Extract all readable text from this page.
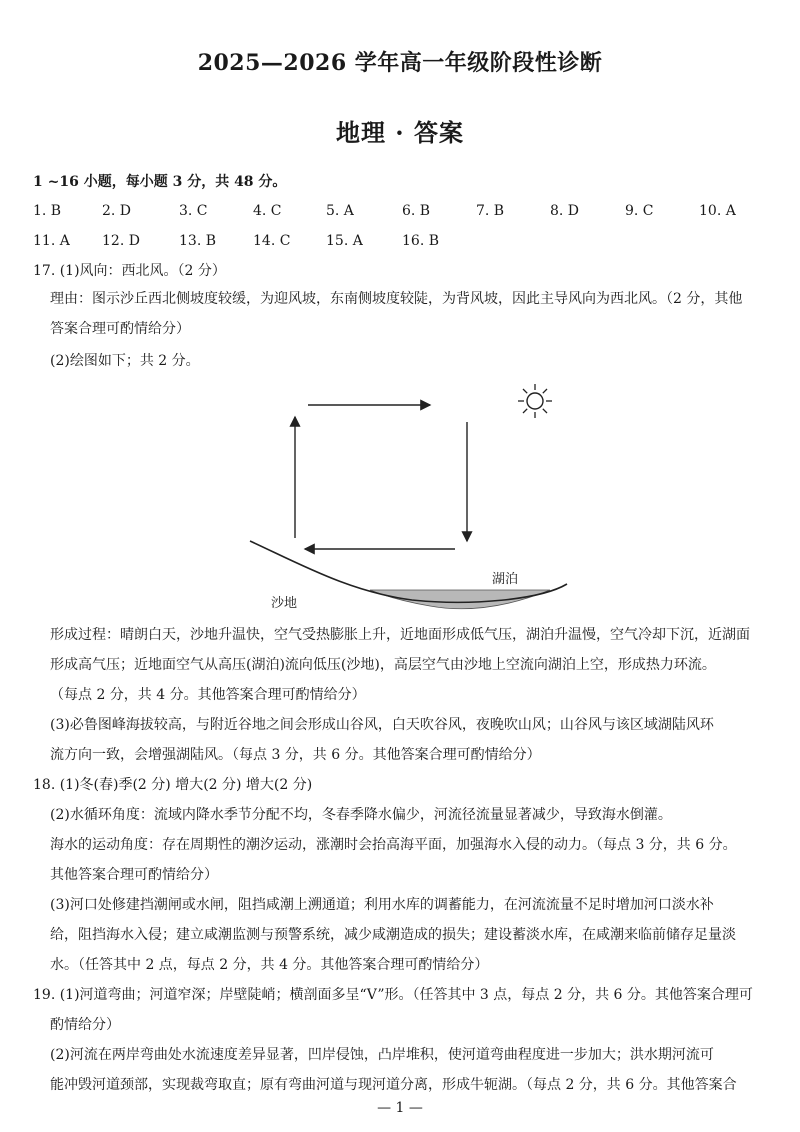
2025—2026 学年高一年级阶段性诊断
地理 · 答案
1 ~16 小题，每小题 3 分，共 48 分。
1. B	2. D	3. C	4. C	5. A	6. B	7. B	8. D	9. C	10. A
11. A 12. D	13. B	14. C	15. A	16. B
17. (1)风向：西北风。（2 分）
理由：图示沙丘西北侧坡度较缓，为迎风坡，东南侧坡度较陡，为背风坡，因此主导风向为西北风。（2 分，其他
答案合理可酌情给分）
(2)绘图如下；共 2 分。
湖泊
沙地
形成过程：晴朗白天，沙地升温快，空气受热膨胀上升，近地面形成低气压，湖泊升温慢，空气冷却下沉，近湖面
形成高气压；近地面空气从高压(湖泊)流向低压(沙地)，高层空气由沙地上空流向湖泊上空，形成热力环流。
（每点 2 分，共 4 分。其他答案合理可酌情给分）
(3)必鲁图峰海拔较高，与附近谷地之间会形成山谷风，白天吹谷风，夜晚吹山风；山谷风与该区域湖陆风环
流方向一致，会增强湖陆风。（每点 3 分，共 6 分。其他答案合理可酌情给分）
18. (1)冬(春)季(2 分) 增大(2 分) 增大(2 分)
(2)水循环角度：流域内降水季节分配不均，冬春季降水偏少，河流径流量显著减少，导致海水倒灌。
海水的运动角度：存在周期性的潮汐运动，涨潮时会抬高海平面，加强海水入侵的动力。（每点 3 分，共 6 分。
其他答案合理可酌情给分）
(3)河口处修建挡潮闸或水闸，阻挡咸潮上溯通道；利用水库的调蓄能力，在河流流量不足时增加河口淡水补
给，阻挡海水入侵；建立咸潮监测与预警系统，减少咸潮造成的损失；建设蓄淡水库，在咸潮来临前储存足量淡
水。（任答其中 2 点，每点 2 分，共 4 分。其他答案合理可酌情给分）
19. (1)河道弯曲；河道窄深；岸壁陡峭；横剖面多呈“V”形。（任答其中 3 点，每点 2 分，共 6 分。其他答案合理可
酌情给分）
(2)河流在两岸弯曲处水流速度差异显著，凹岸侵蚀，凸岸堆积，使河道弯曲程度进一步加大；洪水期河流可
能冲毁河道颈部，实现裁弯取直；原有弯曲河道与现河道分离，形成牛轭湖。（每点 2 分，共 6 分。其他答案合
— 1 —
